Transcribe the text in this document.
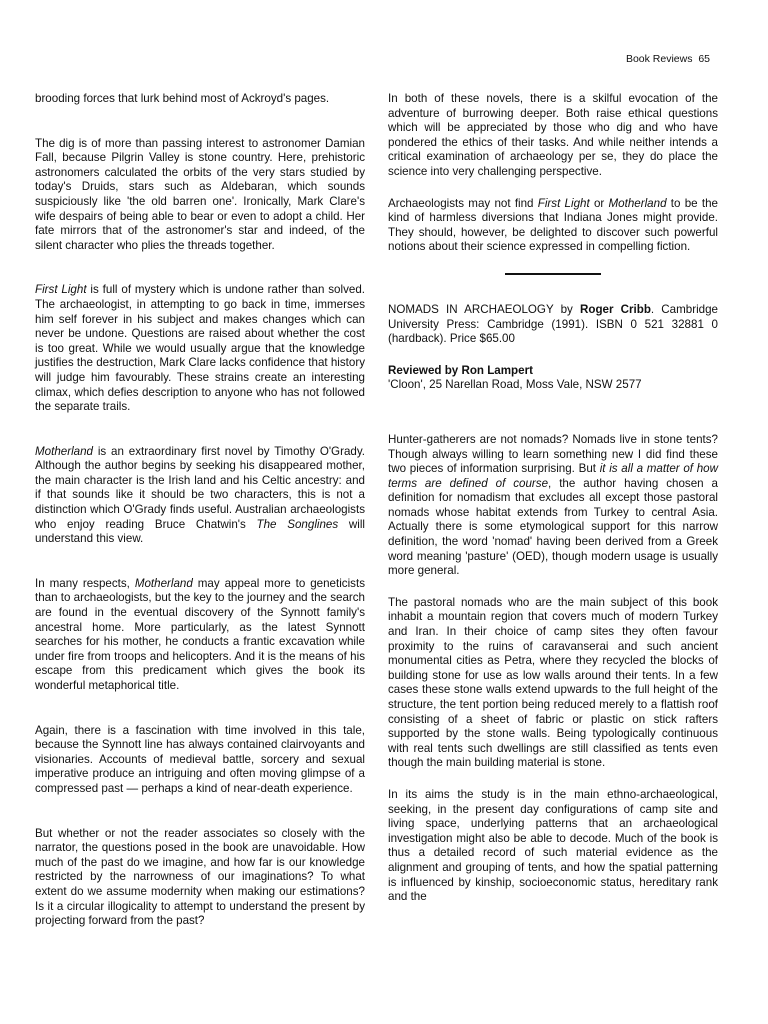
Book Reviews 65

brooding forces that lurk behind most of Ackroyd's pages.

The dig is of more than passing interest to astronomer Damian Fall, because Pilgrin Valley is stone country. Here, prehistoric astronomers calculated the orbits of the very stars studied by today's Druids, stars such as Aldebaran, which sounds suspiciously like 'the old barren one'. Ironically, Mark Clare's wife despairs of being able to bear or even to adopt a child. Her fate mirrors that of the astronomer's star and indeed, of the silent character who plies the threads together.

First Light is full of mystery which is undone rather than solved. The archaeologist, in attempting to go back in time, immerses him self forever in his subject and makes changes which can never be undone. Questions are raised about whether the cost is too great. While we would usually argue that the knowledge justifies the destruction, Mark Clare lacks confidence that history will judge him favourably. These strains create an interesting climax, which defies description to anyone who has not followed the separate trails.

Motherland is an extraordinary first novel by Timothy O'Grady. Although the author begins by seeking his disappeared mother, the main character is the Irish land and his Celtic ancestry: and if that sounds like it should be two characters, this is not a distinction which O'Grady finds useful. Australian archaeologists who enjoy reading Bruce Chatwin's The Songlines will understand this view.

In many respects, Motherland may appeal more to geneticists than to archaeologists, but the key to the journey and the search are found in the eventual discovery of the Synnott family's ancestral home. More particularly, as the latest Synnott searches for his mother, he conducts a frantic excavation while under fire from troops and helicopters. And it is the means of his escape from this predicament which gives the book its wonderful metaphorical title.

Again, there is a fascination with time involved in this tale, because the Synnott line has always contained clairvoyants and visionaries. Accounts of medieval battle, sorcery and sexual imperative produce an intriguing and often moving glimpse of a compressed past — perhaps a kind of near-death experience.

But whether or not the reader associates so closely with the narrator, the questions posed in the book are unavoidable. How much of the past do we imagine, and how far is our knowledge restricted by the narrowness of our imaginations? To what extent do we assume modernity when making our estimations? Is it a circular illogicality to attempt to understand the present by projecting forward from the past?

In both of these novels, there is a skilful evocation of the adventure of burrowing deeper. Both raise ethical questions which will be appreciated by those who dig and who have pondered the ethics of their tasks. And while neither intends a critical examination of archaeology per se, they do place the science into very challenging perspective.

Archaeologists may not find First Light or Motherland to be the kind of harmless diversions that Indiana Jones might provide. They should, however, be delighted to discover such powerful notions about their science expressed in compelling fiction.

NOMADS IN ARCHAEOLOGY by Roger Cribb. Cambridge University Press: Cambridge (1991). ISBN 0 521 32881 0 (hardback). Price $65.00

Reviewed by Ron Lampert
'Cloon', 25 Narellan Road, Moss Vale, NSW 2577

Hunter-gatherers are not nomads? Nomads live in stone tents? Though always willing to learn something new I did find these two pieces of information surprising. But it is all a matter of how terms are defined of course, the author having chosen a definition for nomadism that excludes all except those pastoral nomads whose habitat extends from Turkey to central Asia. Actually there is some etymological support for this narrow definition, the word 'nomad' having been derived from a Greek word meaning 'pasture' (OED), though modern usage is usually more general.

The pastoral nomads who are the main subject of this book inhabit a mountain region that covers much of modern Turkey and Iran. In their choice of camp sites they often favour proximity to the ruins of caravanserai and such ancient monumental cities as Petra, where they recycled the blocks of building stone for use as low walls around their tents. In a few cases these stone walls extend upwards to the full height of the structure, the tent portion being reduced merely to a flattish roof consisting of a sheet of fabric or plastic on stick rafters supported by the stone walls. Being typologically continuous with real tents such dwellings are still classified as tents even though the main building material is stone.

In its aims the study is in the main ethno-archaeological, seeking, in the present day configurations of camp site and living space, underlying patterns that an archaeological investigation might also be able to decode. Much of the book is thus a detailed record of such material evidence as the alignment and grouping of tents, and how the spatial patterning is influenced by kinship, socioeconomic status, hereditary rank and the
